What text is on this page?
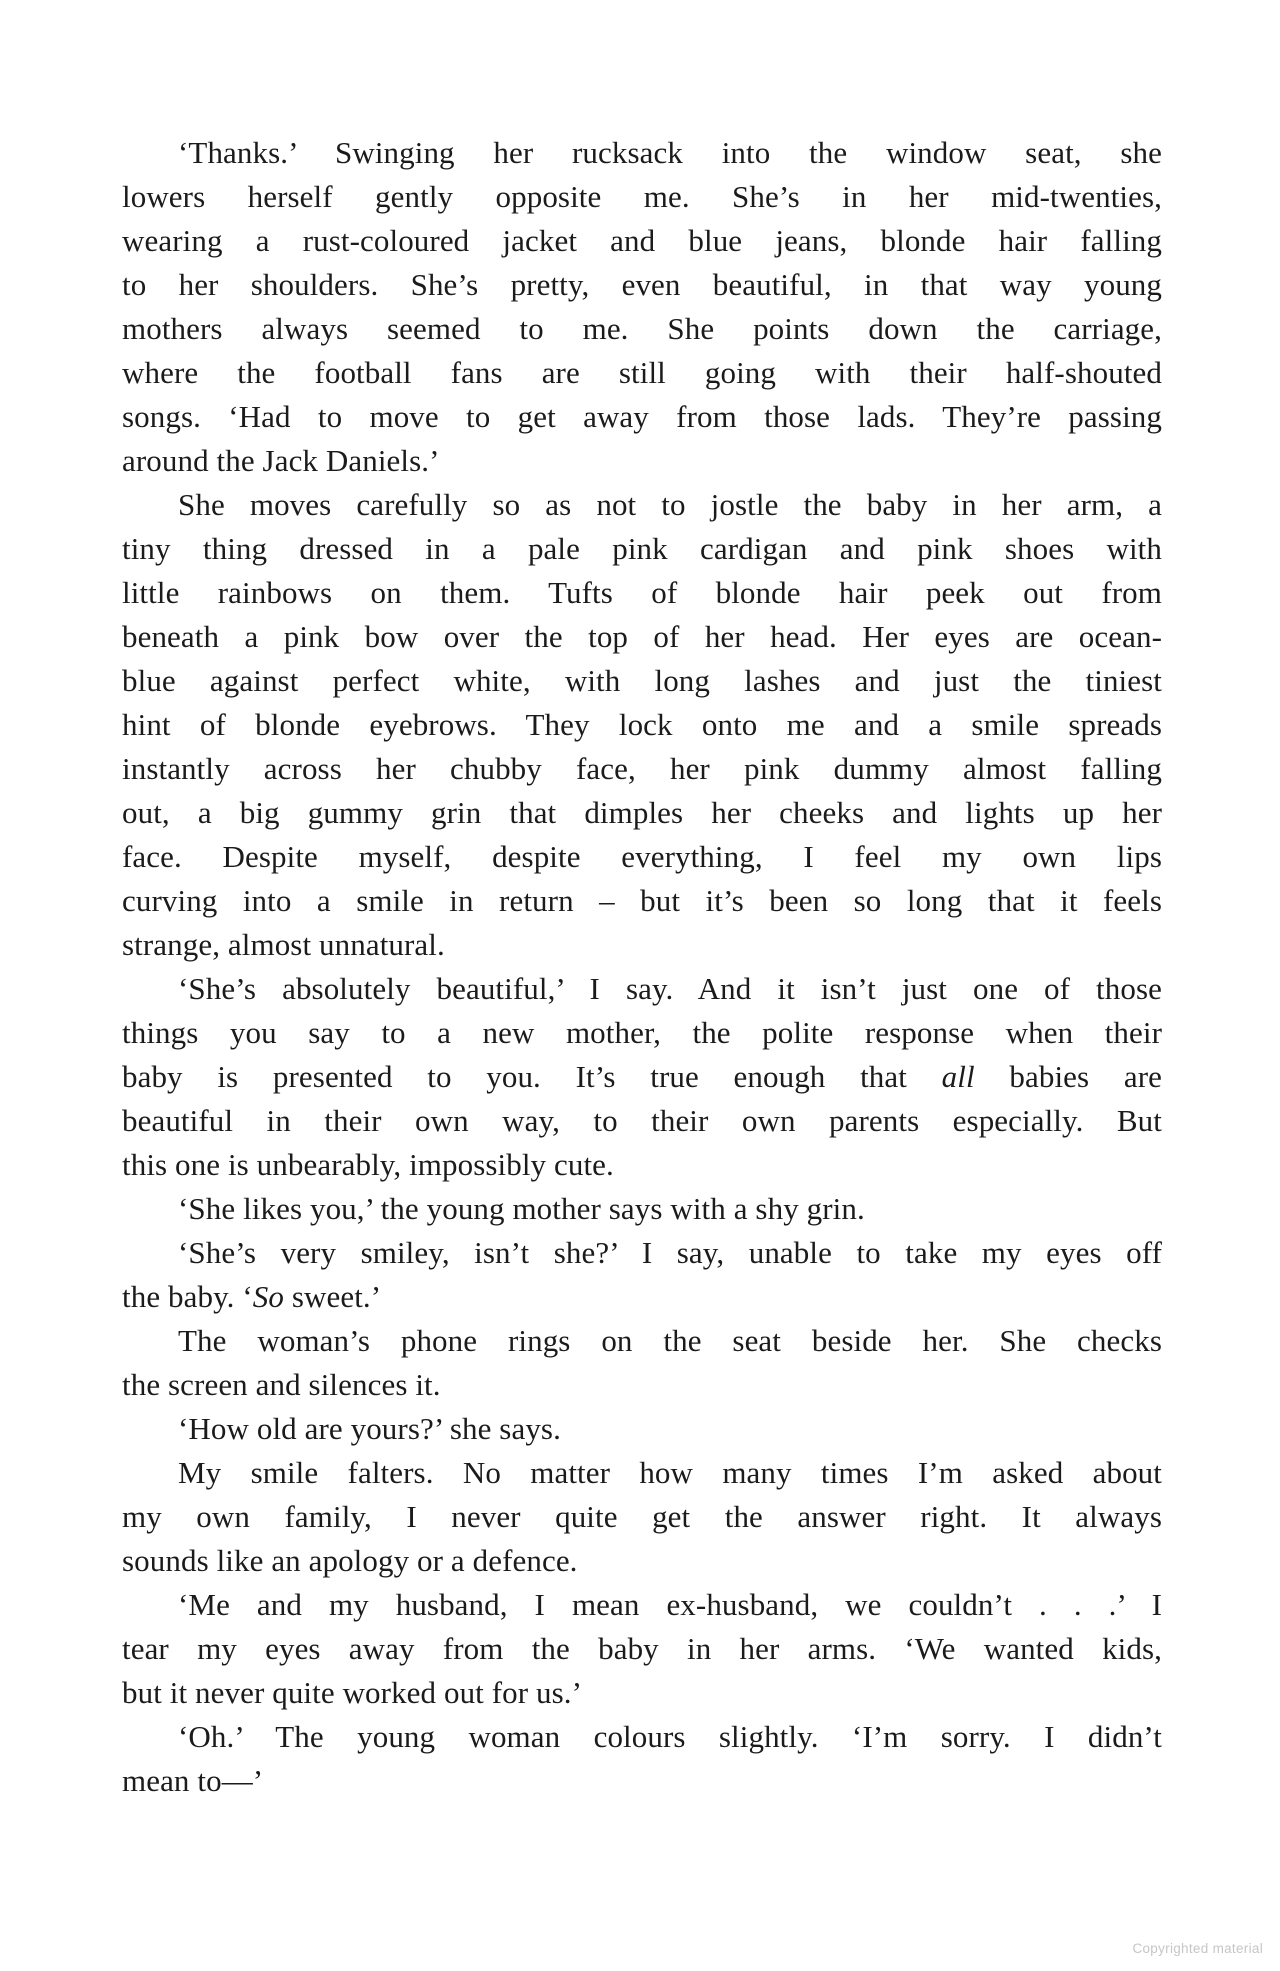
‘Thanks.’ Swinging her rucksack into the window seat, she
lowers herself gently opposite me. She’s in her mid-twenties,
wearing a rust-coloured jacket and blue jeans, blonde hair falling
to her shoulders. She’s pretty, even beautiful, in that way young
mothers always seemed to me. She points down the carriage,
where the football fans are still going with their half-shouted
songs. ‘Had to move to get away from those lads. They’re passing
around the Jack Daniels.’
She moves carefully so as not to jostle the baby in her arm, a
tiny thing dressed in a pale pink cardigan and pink shoes with
little rainbows on them. Tufts of blonde hair peek out from
beneath a pink bow over the top of her head. Her eyes are ocean-
blue against perfect white, with long lashes and just the tiniest
hint of blonde eyebrows. They lock onto me and a smile spreads
instantly across her chubby face, her pink dummy almost falling
out, a big gummy grin that dimples her cheeks and lights up her
face. Despite myself, despite everything, I feel my own lips
curving into a smile in return – but it’s been so long that it feels
strange, almost unnatural.
‘She’s absolutely beautiful,’ I say. And it isn’t just one of those
things you say to a new mother, the polite response when their
baby is presented to you. It’s true enough that all babies are
beautiful in their own way, to their own parents especially. But
this one is unbearably, impossibly cute.
‘She likes you,’ the young mother says with a shy grin.
‘She’s very smiley, isn’t she?’ I say, unable to take my eyes off
the baby. ‘So sweet.’
The woman’s phone rings on the seat beside her. She checks
the screen and silences it.
‘How old are yours?’ she says.
My smile falters. No matter how many times I’m asked about
my own family, I never quite get the answer right. It always
sounds like an apology or a defence.
‘Me and my husband, I mean ex-husband, we couldn’t . . .’ I
tear my eyes away from the baby in her arms. ‘We wanted kids,
but it never quite worked out for us.’
‘Oh.’ The young woman colours slightly. ‘I’m sorry. I didn’t
mean to—’
Copyrighted material
